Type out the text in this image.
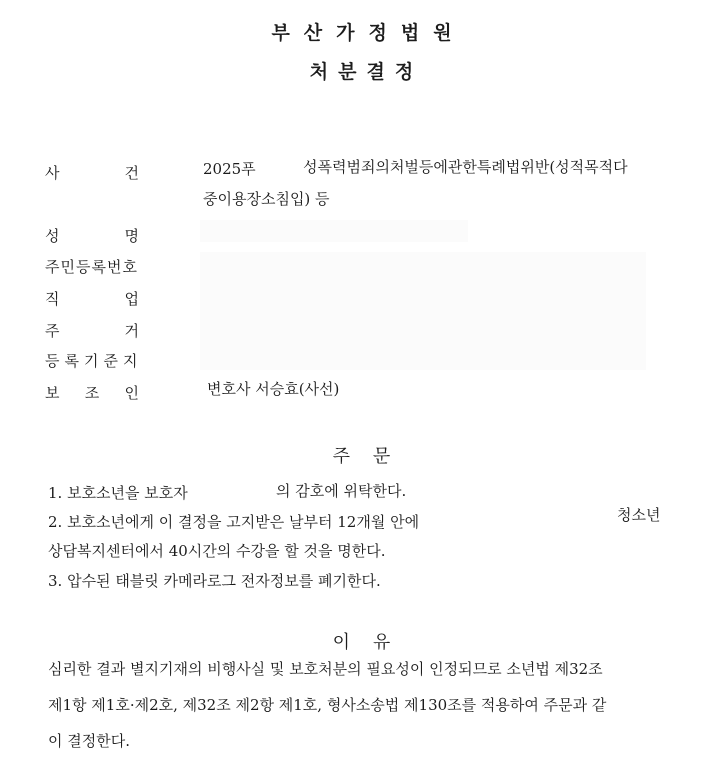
부산가정법원
처분결정
사	건	2025푸	성폭력범죄의처벌등에관한특례법위반(성적목적다
중이용장소침입) 등
성	명
주민등록번호
직	업
주	거
등록기준지
보 조 인	변호사 서승효(사선)
주    문
1. 보호소년을 보호자	의 감호에 위탁한다.
2. 보호소년에게 이 결정을 고지받은 날부터 12개월 안에	청소년
상담복지센터에서 40시간의 수강을 할 것을 명한다.
3. 압수된 태블릿 카메라로그 전자정보를 폐기한다.
이    유
심리한 결과 별지기재의 비행사실 및 보호처분의 필요성이 인정되므로 소년법 제32조
제1항 제1호·제2호, 제32조 제2항 제1호, 형사소송법 제130조를 적용하여 주문과 같
이 결정한다.
